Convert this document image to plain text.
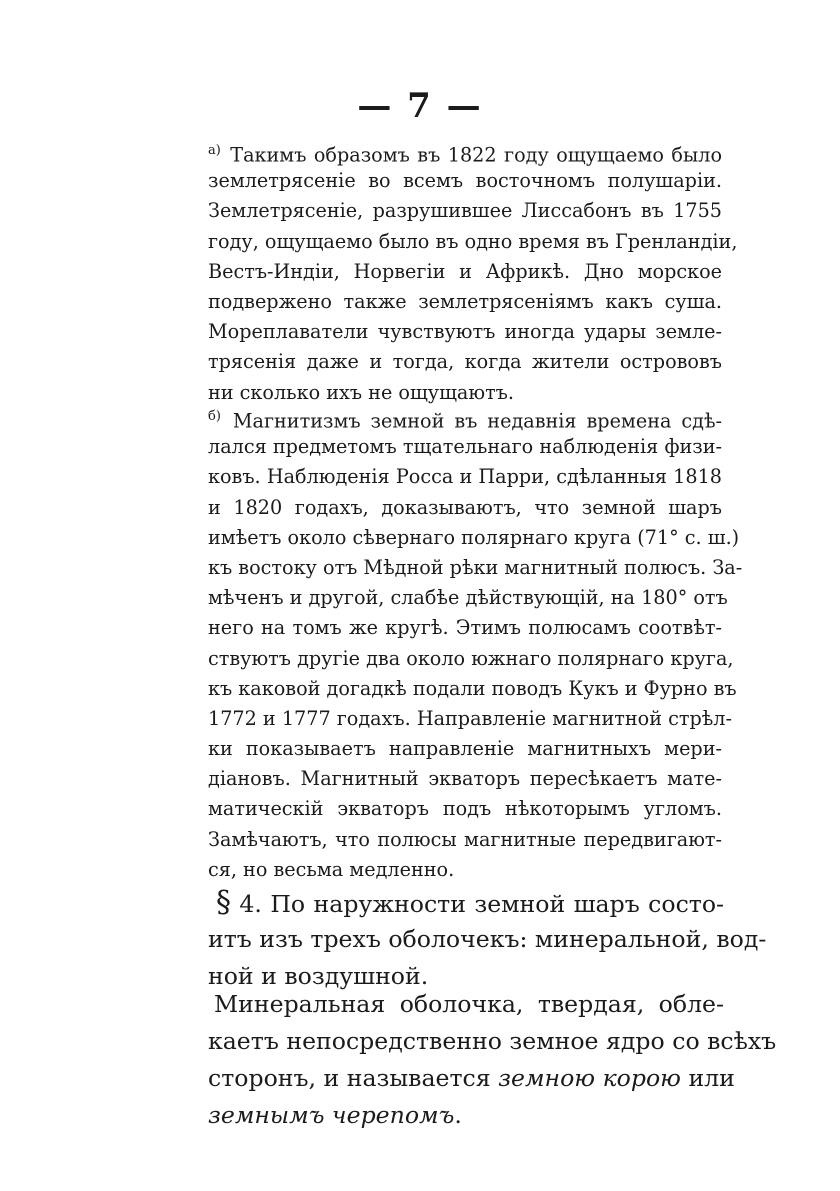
— 7 —
$^{а)}$ Такимъ образомъ въ 1822 году ощущаемо было
землетрясеніе во всемъ восточномъ полушаріи.
Землетрясеніе, разрушившее Лиссабонъ въ 1755
году, ощущаемо было въ одно время въ Гренландіи,
Вестъ-Индіи, Норвегіи и Африкѣ. Дно морское
подвержено также землетрясеніямъ какъ суша.
Мореплаватели чувствуютъ иногда удары земле-
трясенія даже и тогда, когда жители острововъ
ни сколько ихъ не ощущаютъ.
$^{б)}$ Магнитизмъ земной въ недавнія времена сдѣ-
лался предметомъ тщательнаго наблюденія физи-
ковъ. Наблюденія Росса и Парри, сдѣланныя 1818
и 1820 годахъ, доказываютъ, что земной шаръ
имѣетъ около сѣвернаго полярнаго круга (71° с. ш.)
къ востоку отъ Мѣдной рѣки магнитный полюсъ. За-
мѣченъ и другой, слабѣе дѣйствующій, на 180° отъ
него на томъ же кругѣ. Этимъ полюсамъ соотвѣт-
ствуютъ другіе два около южнаго полярнаго круга,
къ каковой догадкѣ подали поводъ Кукъ и Фурно въ
1772 и 1777 годахъ. Направленіе магнитной стрѣл-
ки показываетъ направленіе магнитныхъ мери-
діановъ. Магнитный экваторъ пересѣкаетъ мате-
матическій экваторъ подъ нѣкоторымъ угломъ.
Замѣчаютъ, что полюсы магнитные передвигают-
ся, но весьма медленно.
§ 4. По наружности земной шаръ состо-
итъ изъ трехъ оболочекъ: минеральной, вод-
ной и воздушной.
Минеральная оболочка, твердая, обле-
каетъ непосредственно земное ядро со всѣхъ
сторонъ, и называется земною корою или
земнымъ черепомъ.
